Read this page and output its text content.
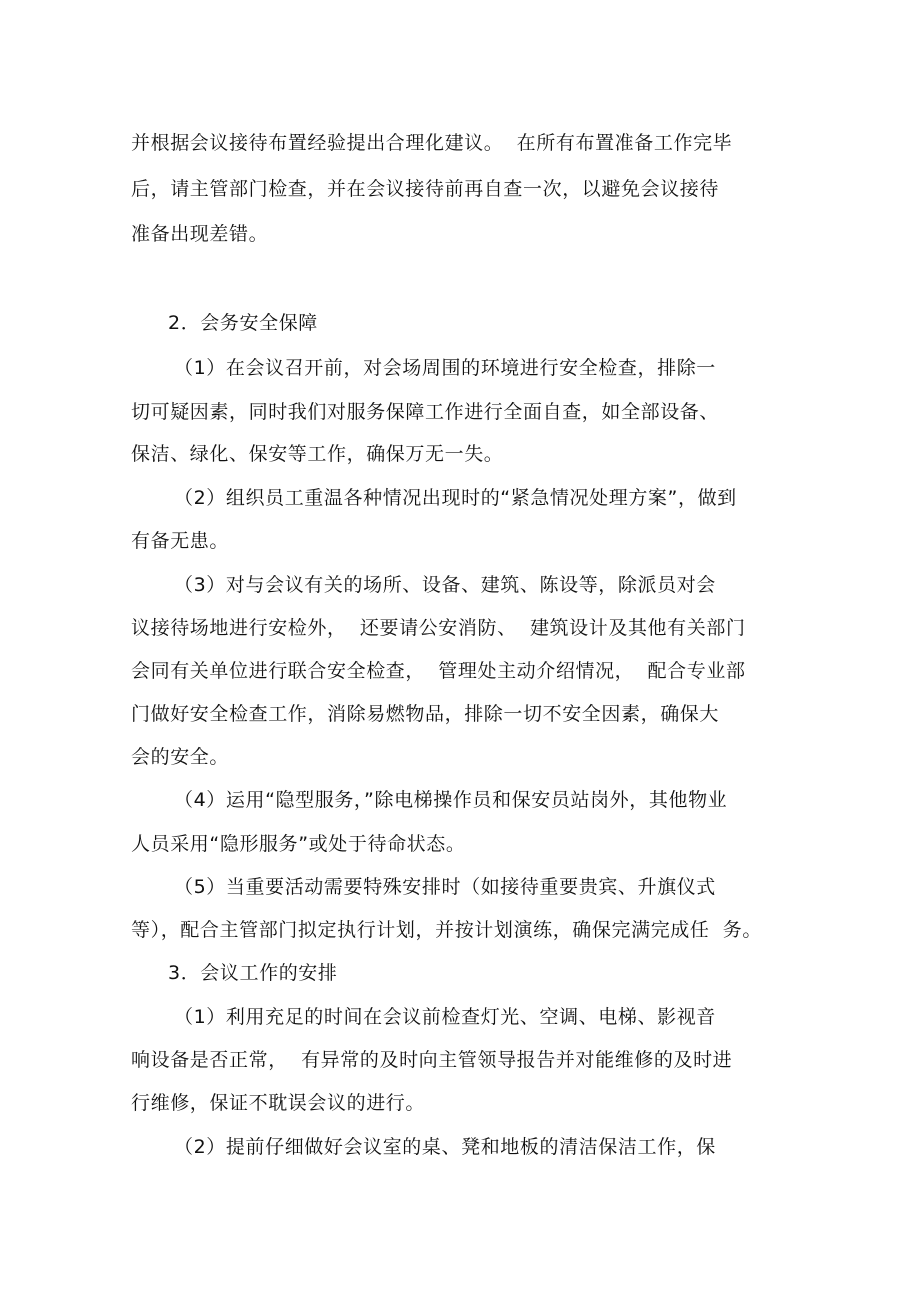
并根据会议接待布置经验提出合理化建议。  在所有布置准备工作完毕
后，请主管部门检查，并在会议接待前再自查一次，以避免会议接待
准备出现差错。
2．会务安全保障
（1）在会议召开前，对会场周围的环境进行安全检查，排除一
切可疑因素，同时我们对服务保障工作进行全面自查，如全部设备、
保洁、绿化、保安等工作，确保万无一失。
（2）组织员工重温各种情况出现时的“紧急情况处理方案”，做到
有备无患。
（3）对与会议有关的场所、设备、建筑、陈设等，除派员对会
议接待场地进行安检外，  还要请公安消防、  建筑设计及其他有关部门
会同有关单位进行联合安全检查，  管理处主动介绍情况，  配合专业部
门做好安全检查工作，消除易燃物品，排除一切不安全因素，确保大
会的安全。
（4）运用“隐型服务，”除电梯操作员和保安员站岗外，其他物业
人员采用“隐形服务”或处于待命状态。
（5）当重要活动需要特殊安排时（如接待重要贵宾、升旗仪式
等），配合主管部门拟定执行计划，并按计划演练，确保完满完成任  务。
3．会议工作的安排
（1）利用充足的时间在会议前检查灯光、空调、电梯、影视音
响设备是否正常，  有异常的及时向主管领导报告并对能维修的及时进
行维修，保证不耽误会议的进行。
（2）提前仔细做好会议室的桌、凳和地板的清洁保洁工作，保
